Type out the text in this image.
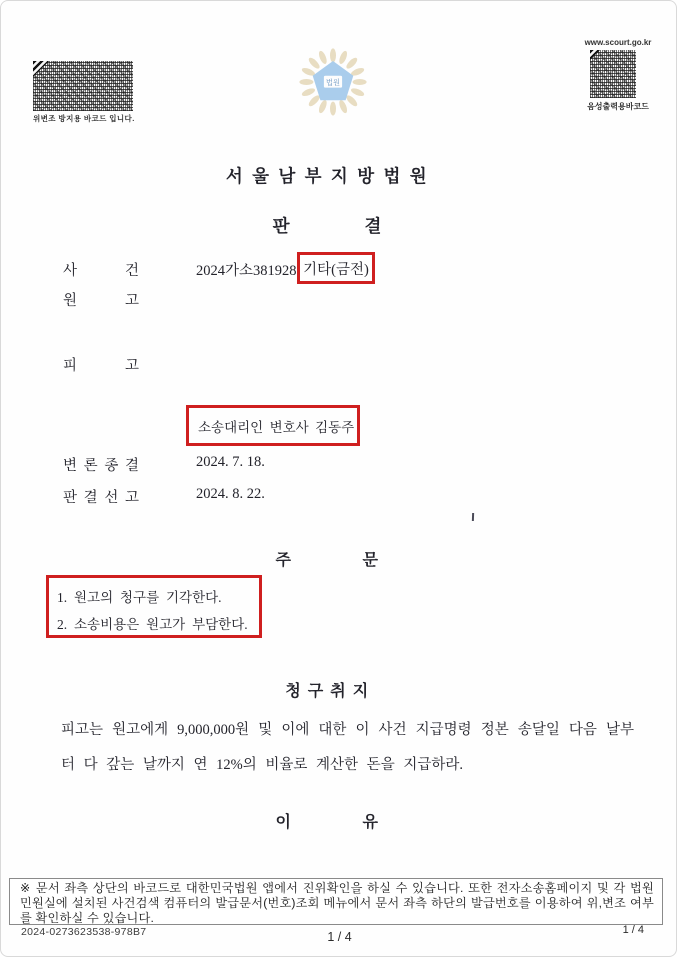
위변조 방지용 바코드 입니다.
법원
www.scourt.go.kr
음성출력용바코드
서 울 남 부 지 방 법 원
판　　　　결
사 건	2024가소381928 기타(금전)
원 고
피 고
소송대리인 변호사 김동주
변 론 종 결	2024. 7. 18.
판 결 선 고	2024. 8. 22.
주　　　　문
1. 원고의 청구를 기각한다.
2. 소송비용은 원고가 부담한다.
청 구 취 지
피고는 원고에게 9,000,000원 및 이에 대한 이 사건 지급명령 정본 송달일 다음 날부
터 다 갚는 날까지 연 12%의 비율로 계산한 돈을 지급하라.
이　　　　유
※ 문서 좌측 상단의 바코드로 대한민국법원 앱에서 진위확인을 하실 수 있습니다. 또한 전자소송홈페이지 및 각 법원 민원실에 설치된 사건검색 컴퓨터의 발급문서(번호)조회 메뉴에서 문서 좌측 하단의 발급번호를 이용하여 위,변조 여부를 확인하실 수 있습니다.
2024-0273623538-978B7	1 / 4	1 / 4
